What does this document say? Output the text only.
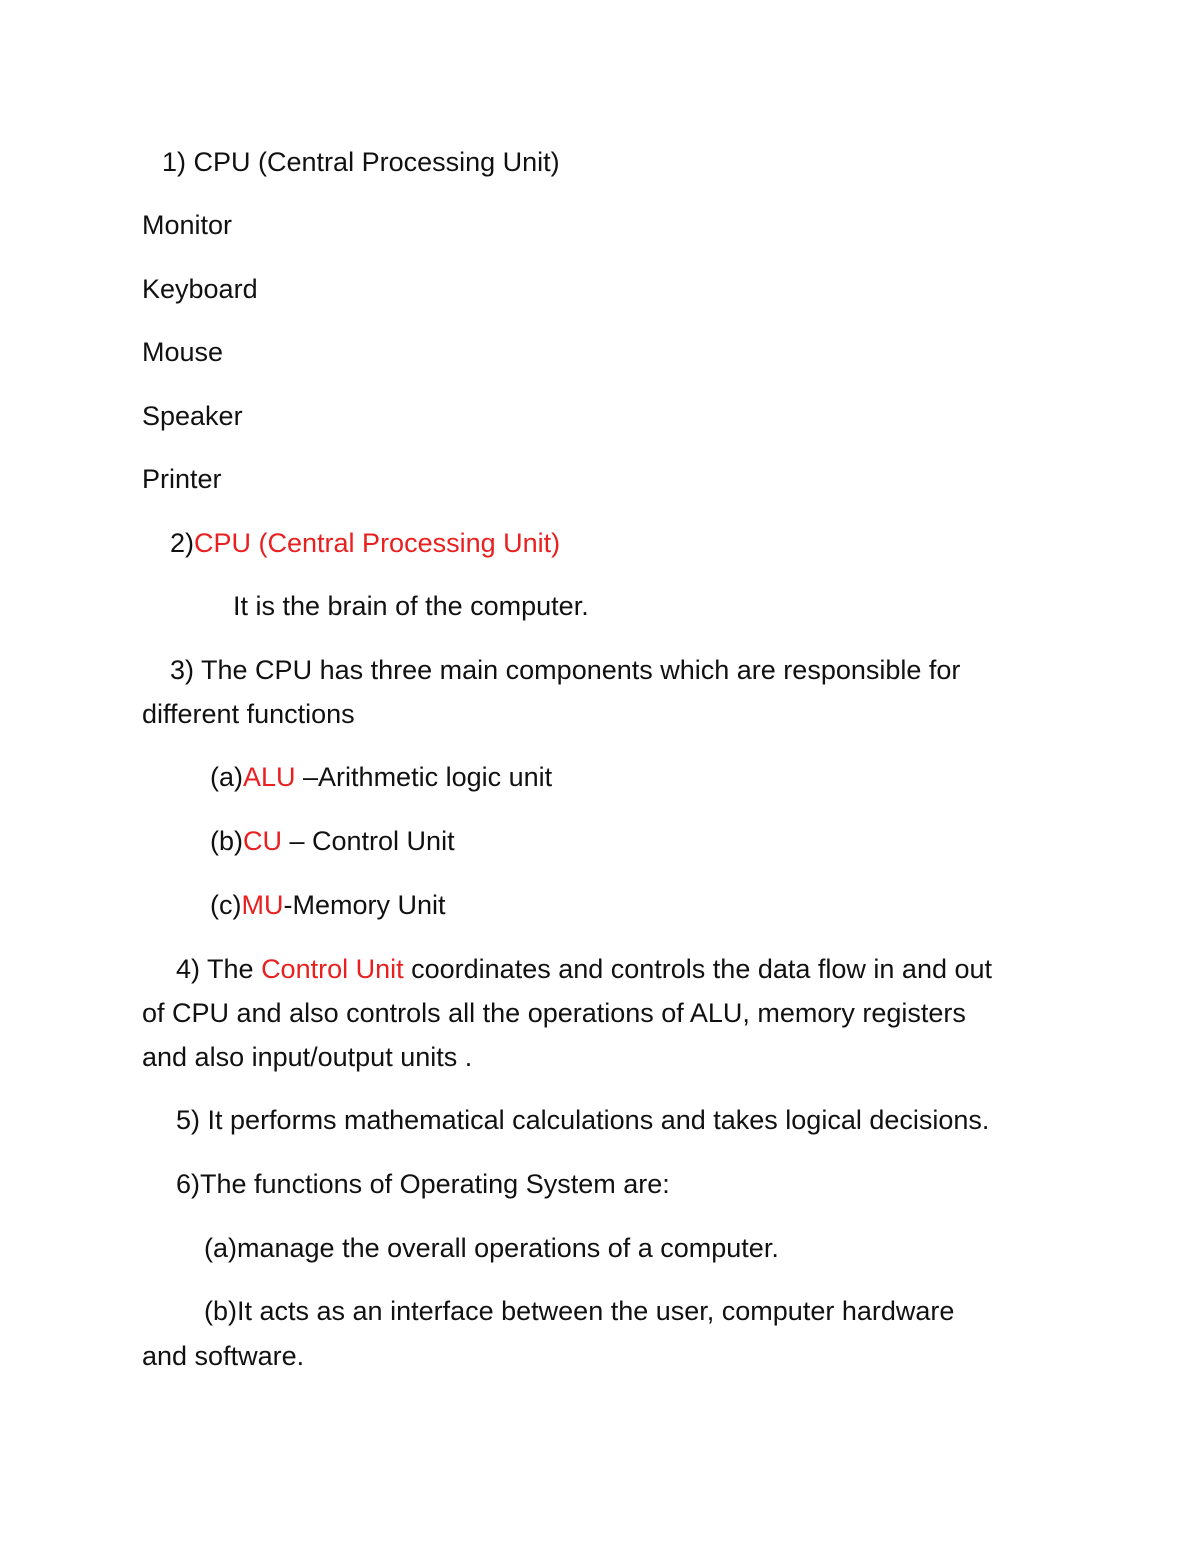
1) CPU (Central Processing Unit)
Monitor
Keyboard
Mouse
Speaker
Printer
2)CPU (Central Processing Unit)
It is the brain of the computer.
3) The CPU has three main components which are responsible for
different functions
(a)ALU –Arithmetic logic unit
(b)CU – Control Unit
(c)MU-Memory Unit
4) The Control Unit coordinates and controls the data flow in and out
of CPU and also controls all the operations of ALU, memory registers
and also input/output units .
5) It performs mathematical calculations and takes logical decisions.
6)The functions of Operating System are:
(a)manage the overall operations of a computer.
(b)It acts as an interface between the user, computer hardware
and software.
